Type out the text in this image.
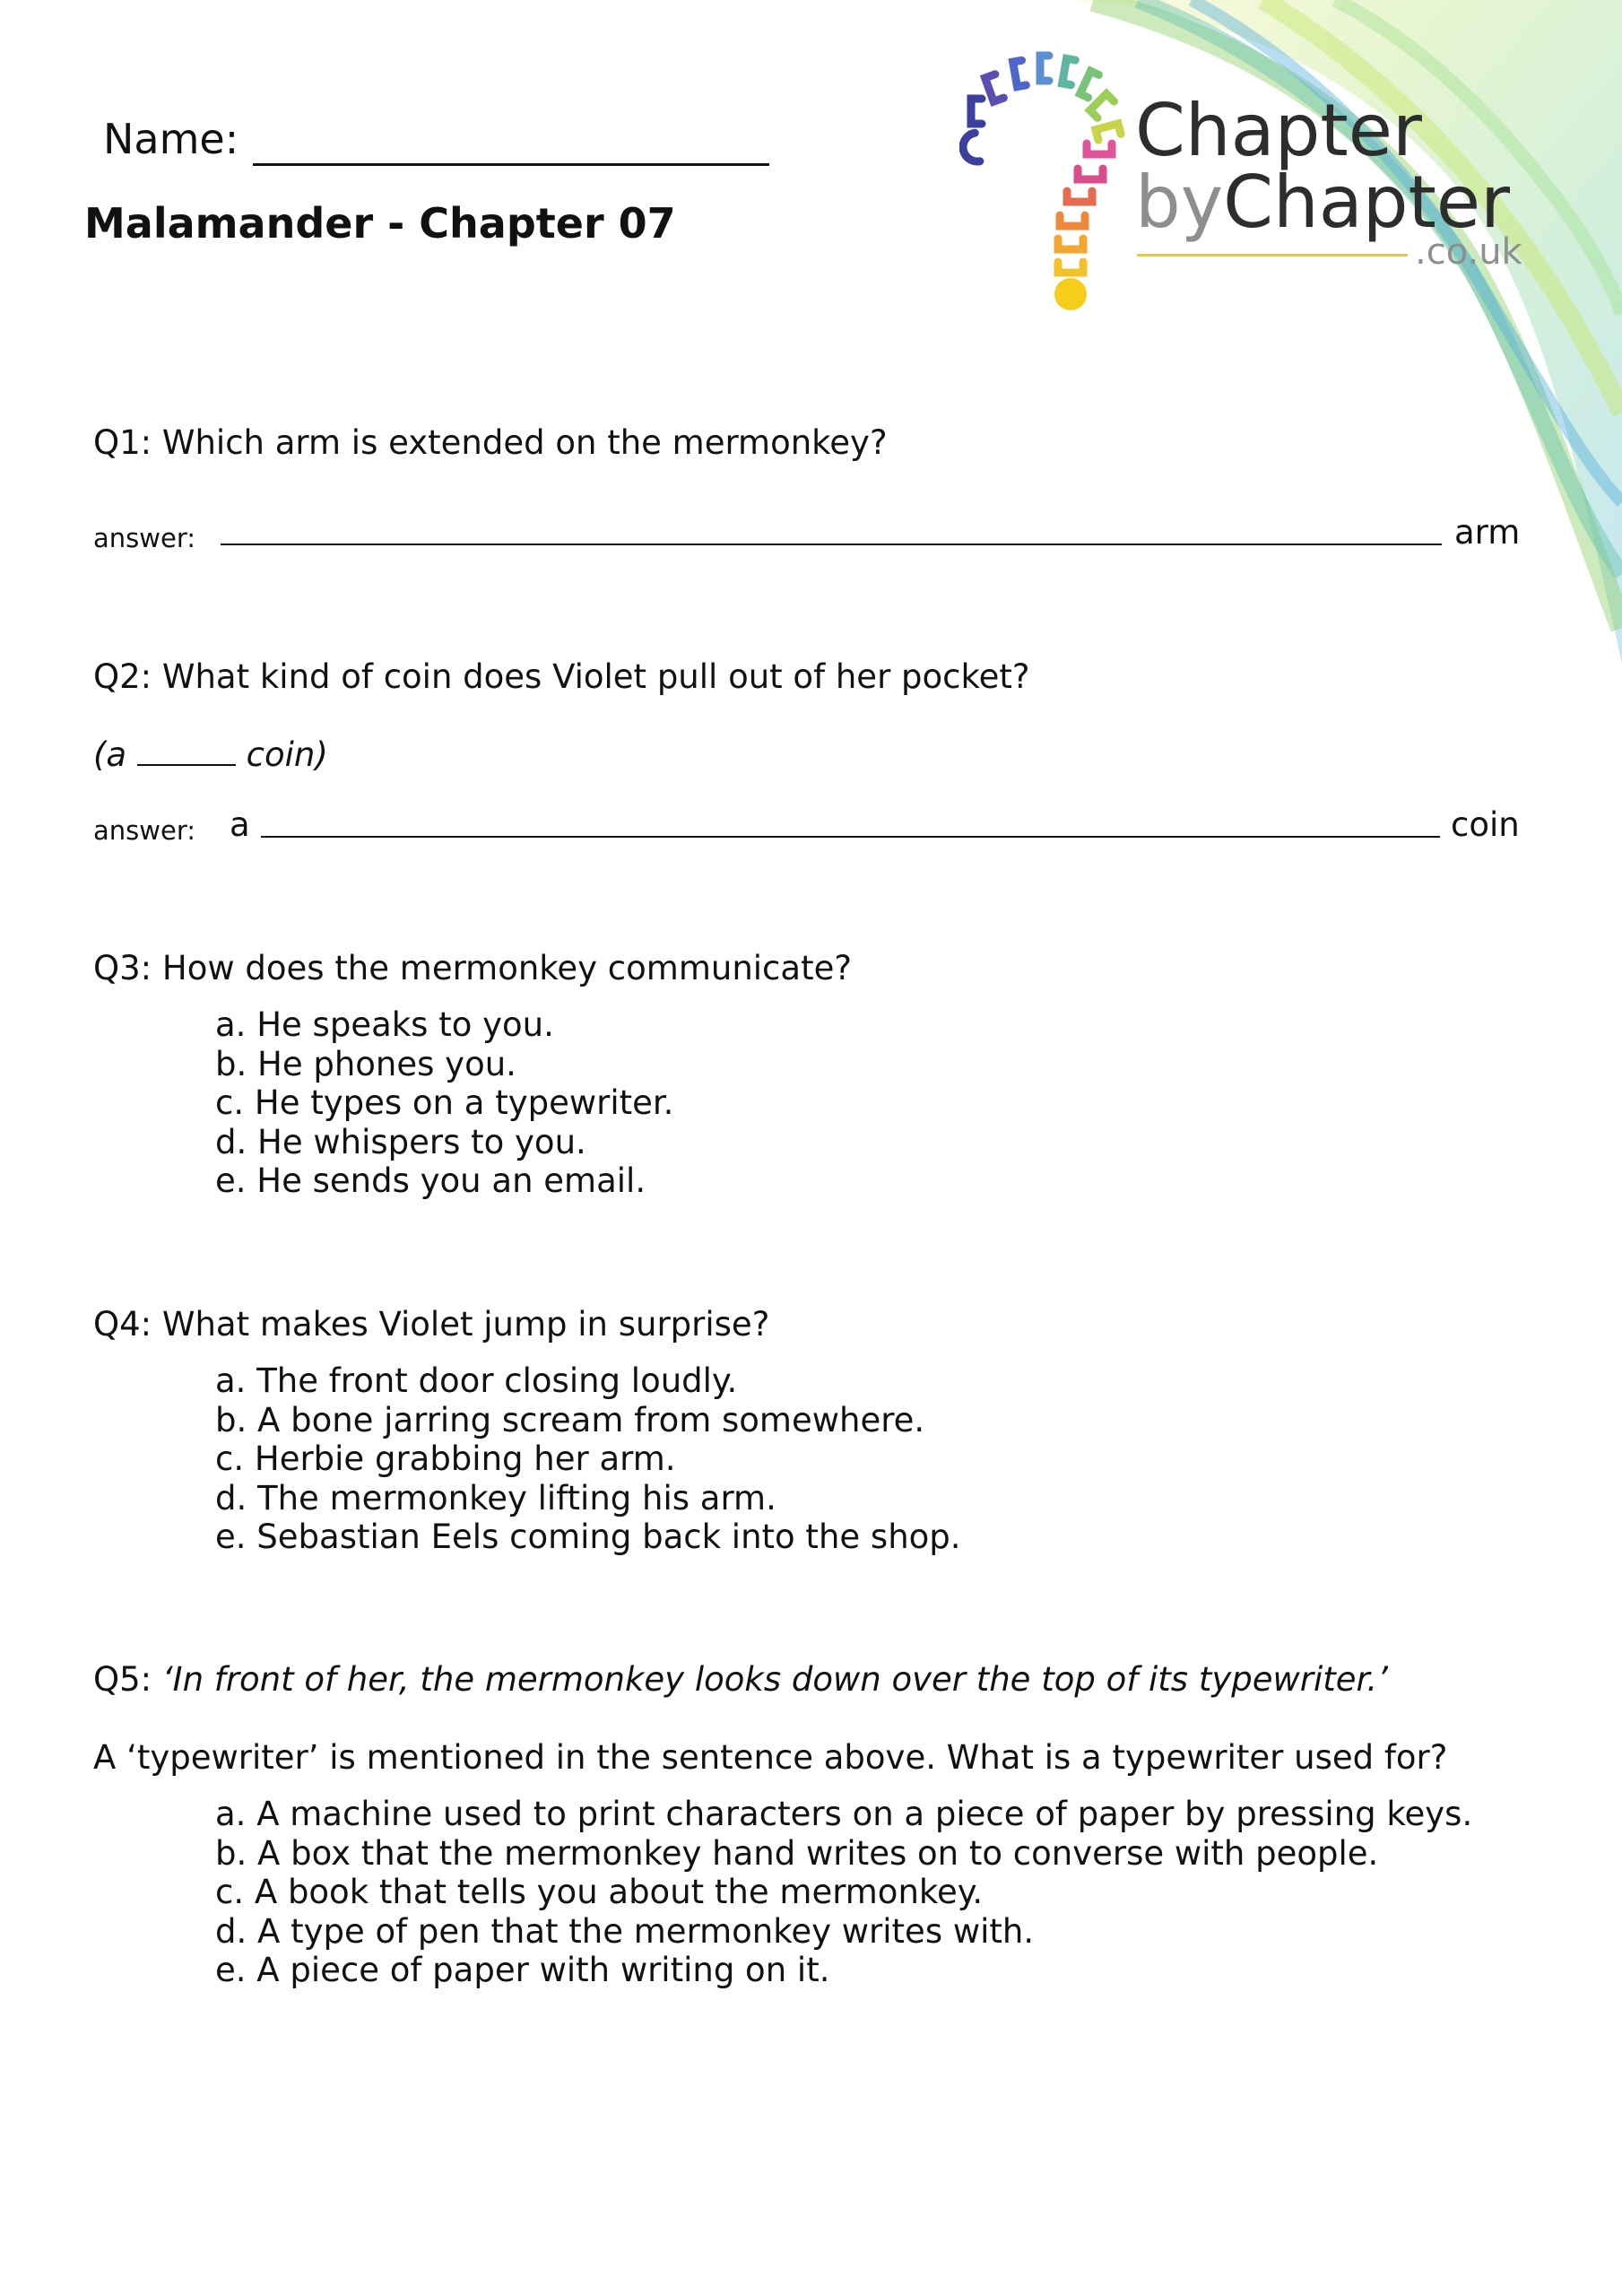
Name:
Malamander - Chapter 07
Chapter
byChapter
.co.uk
Q1: Which arm is extended on the mermonkey?
answer:	arm
Q2: What kind of coin does Violet pull out of her pocket?
(a	coin)
answer: a	coin
Q3: How does the mermonkey communicate?
a. He speaks to you.
b. He phones you.
c. He types on a typewriter.
d. He whispers to you.
e. He sends you an email.
Q4: What makes Violet jump in surprise?
a. The front door closing loudly.
b. A bone jarring scream from somewhere.
c. Herbie grabbing her arm.
d. The mermonkey lifting his arm.
e. Sebastian Eels coming back into the shop.
Q5: ‘In front of her, the mermonkey looks down over the top of its typewriter.’
A ‘typewriter’ is mentioned in the sentence above. What is a typewriter used for?
a. A machine used to print characters on a piece of paper by pressing keys.
b. A box that the mermonkey hand writes on to converse with people.
c. A book that tells you about the mermonkey.
d. A type of pen that the mermonkey writes with.
e. A piece of paper with writing on it.
